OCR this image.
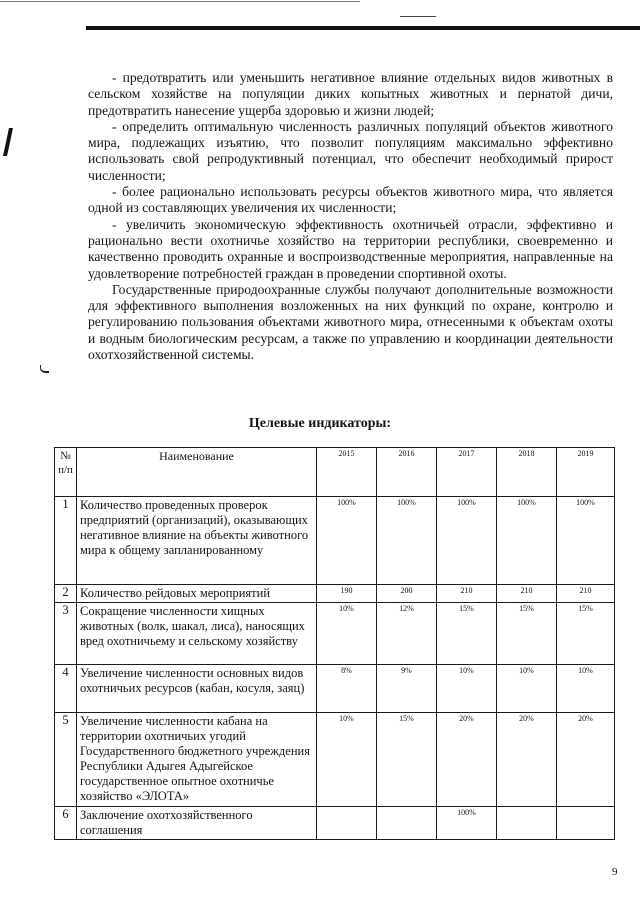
- предотвратить или уменьшить негативное влияние отдельных видов животных в сельском хозяйстве на популяции диких копытных животных и пернатой дичи, предотвратить нанесение ущерба здоровью и жизни людей;

- определить оптимальную численность различных популяций объектов животного мира, подлежащих изъятию, что позволит популяциям максимально эффективно использовать свой репродуктивный потенциал, что обеспечит необходимый прирост численности;

- более рационально использовать ресурсы объектов животного мира, что является одной из составляющих увеличения их численности;

- увеличить экономическую эффективность охотничьей отрасли, эффективно и рационально вести охотничье хозяйство на территории республики, своевременно и качественно проводить охранные и воспроизводственные мероприятия, направленные на удовлетворение потребностей граждан в проведении спортивной охоты.

Государственные природоохранные службы получают дополнительные возможности для эффективного выполнения возложенных на них функций по охране, контролю и регулированию пользования объектами животного мира, отнесенными к объектам охоты и водным биологическим ресурсам, а также по управлению и координации деятельности охотхозяйственной системы.

Целевые индикаторы:
№ п/п	Наименование	2015	2016	2017	2018	2019
1	Количество проведенных проверок предприятий (организаций), оказывающих негативное влияние на объекты животного мира к общему запланированному	100%	100%	100%	100%	100%
2	Количество рейдовых мероприятий	190	200	210	210	210
3	Сокращение численности хищных животных (волк, шакал, лиса), наносящих вред охотничьему и сельскому хозяйству	10%	12%	15%	15%	15%
4	Увеличение численности основных видов охотничьих ресурсов (кабан, косуля, заяц)	8%	9%	10%	10%	10%
5	Увеличение численности кабана на территории охотничьих угодий Государственного бюджетного учреждения Республики Адыгея Адыгейское государственное опытное охотничье хозяйство «ЭЛОТА»	10%	15%	20%	20%	20%
6	Заключение охотхозяйственного соглашения			100%		
9
